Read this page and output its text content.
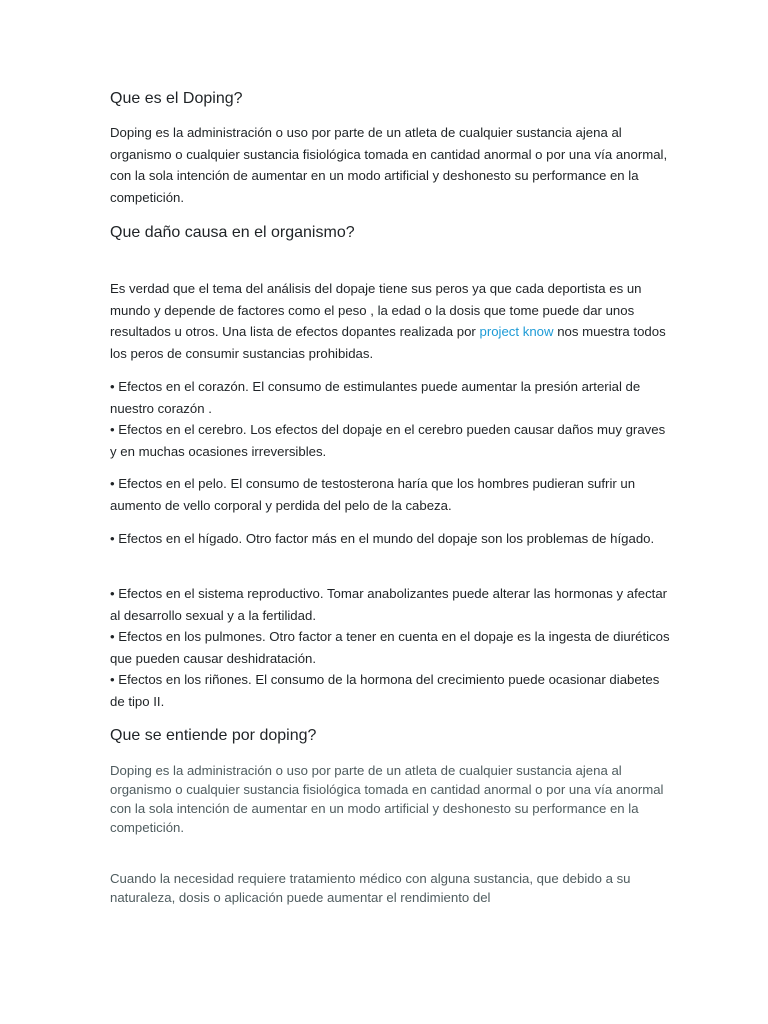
Que es el Doping?

Doping es la administración o uso por parte de un atleta de cualquier sustancia ajena al organismo o cualquier sustancia fisiológica tomada en cantidad anormal o por una vía anormal, con la sola intención de aumentar en un modo artificial y deshonesto su performance en la competición.

Que daño causa en el organismo?

Es verdad que el tema del análisis del dopaje tiene sus peros ya que cada deportista es un mundo y depende de factores como el peso , la edad o la dosis que tome puede dar unos resultados u otros. Una lista de efectos dopantes realizada por project know nos muestra todos los peros de consumir sustancias prohibidas.

• Efectos en el corazón. El consumo de estimulantes puede aumentar la presión arterial de nuestro corazón .
• Efectos en el cerebro. Los efectos del dopaje en el cerebro pueden causar daños muy graves y en muchas ocasiones irreversibles.

• Efectos en el pelo. El consumo de testosterona haría que los hombres pudieran sufrir un aumento de vello corporal y perdida del pelo de la cabeza.

• Efectos en el hígado. Otro factor más en el mundo del dopaje son los problemas de hígado.

• Efectos en el sistema reproductivo. Tomar anabolizantes puede alterar las hormonas y afectar al desarrollo sexual y a la fertilidad.
• Efectos en los pulmones. Otro factor a tener en cuenta en el dopaje es la ingesta de diuréticos que pueden causar deshidratación.
• Efectos en los riñones. El consumo de la hormona del crecimiento puede ocasionar diabetes de tipo II.
Que se entiende por doping?

Doping es la administración o uso por parte de un atleta de cualquier sustancia ajena al organismo o cualquier sustancia fisiológica tomada en cantidad anormal o por una vía anormal con la sola intención de aumentar en un modo artificial y deshonesto su performance en la competición.

Cuando la necesidad requiere tratamiento médico con alguna sustancia, que debido a su naturaleza, dosis o aplicación puede aumentar el rendimiento del
